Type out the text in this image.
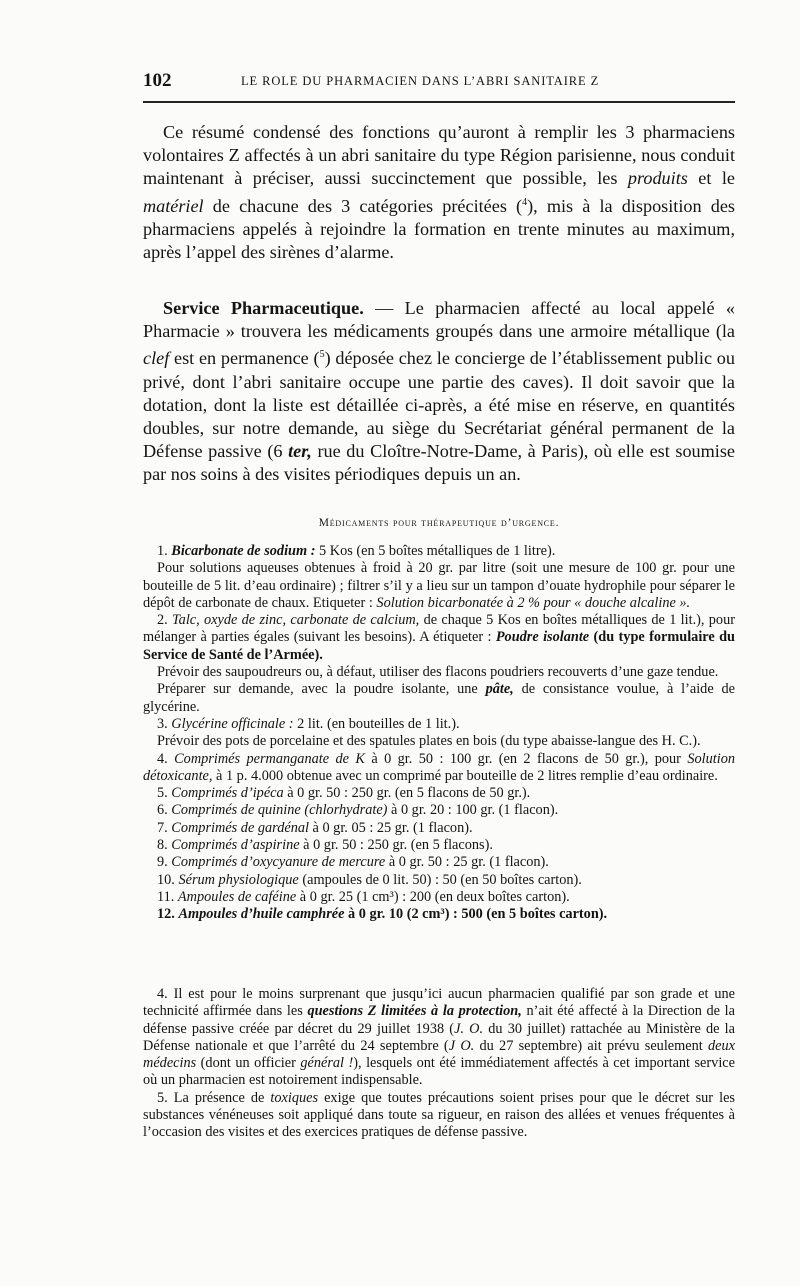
102	LE ROLE DU PHARMACIEN DANS L’ABRI SANITAIRE Z

Ce résumé condensé des fonctions qu’auront à remplir les 3 pharmaciens volontaires Z affectés à un abri sanitaire du type Région parisienne, nous conduit maintenant à préciser, aussi succinctement que possible, les produits et le matériel de chacune des 3 catégories précitées ($^4$), mis à la disposition des pharmaciens appelés à rejoindre la formation en trente minutes au maximum, après l’appel des sirènes d’alarme.

Service Pharmaceutique. — Le pharmacien affecté au local appelé « Pharmacie » trouvera les médicaments groupés dans une armoire métallique (la clef est en permanence ($^5$) déposée chez le concierge de l’établissement public ou privé, dont l’abri sanitaire occupe une partie des caves). Il doit savoir que la dotation, dont la liste est détaillée ci-après, a été mise en réserve, en quantités doubles, sur notre demande, au siège du Secrétariat général permanent de la Défense passive (6 ter, rue du Cloître-Notre-Dame, à Paris), où elle est soumise par nos soins à des visites périodiques depuis un an.

Médicaments pour thérapeutique d’urgence.

1. Bicarbonate de sodium : 5 Kos (en 5 boîtes métalliques de 1 litre).

Pour solutions aqueuses obtenues à froid à 20 gr. par litre (soit une mesure de 100 gr. pour une bouteille de 5 lit. d’eau ordinaire) ; filtrer s’il y a lieu sur un tampon d’ouate hydrophile pour séparer le dépôt de carbonate de chaux. Etiqueter : Solution bicarbonatée à 2 % pour « douche alcaline ».

2. Talc, oxyde de zinc, carbonate de calcium, de chaque 5 Kos en boîtes métalliques de 1 lit.), pour mélanger à parties égales (suivant les besoins). A étiqueter : Poudre isolante (du type formulaire du Service de Santé de l’Armée).

Prévoir des saupoudreurs ou, à défaut, utiliser des flacons poudriers recouverts d’une gaze tendue.

Préparer sur demande, avec la poudre isolante, une pâte, de consistance voulue, à l’aide de glycérine.

3. Glycérine officinale : 2 lit. (en bouteilles de 1 lit.).

Prévoir des pots de porcelaine et des spatules plates en bois (du type abaisse-langue des H. C.).

4. Comprimés permanganate de K à 0 gr. 50 : 100 gr. (en 2 flacons de 50 gr.), pour Solution détoxicante, à 1 p. 4.000 obtenue avec un comprimé par bouteille de 2 litres remplie d’eau ordinaire.

5. Comprimés d’ipéca à 0 gr. 50 : 250 gr. (en 5 flacons de 50 gr.).

6. Comprimés de quinine (chlorhydrate) à 0 gr. 20 : 100 gr. (1 flacon).

7. Comprimés de gardénal à 0 gr. 05 : 25 gr. (1 flacon).

8. Comprimés d’aspirine à 0 gr. 50 : 250 gr. (en 5 flacons).

9. Comprimés d’oxycyanure de mercure à 0 gr. 50 : 25 gr. (1 flacon).

10. Sérum physiologique (ampoules de 0 lit. 50) : 50 (en 50 boîtes carton).

11. Ampoules de caféine à 0 gr. 25 (1 cm³) : 200 (en deux boîtes carton).

12. Ampoules d’huile camphrée à 0 gr. 10 (2 cm³) : 500 (en 5 boîtes carton).

4. Il est pour le moins surprenant que jusqu’ici aucun pharmacien qualifié par son grade et une technicité affirmée dans les questions Z limitées à la protection, n’ait été affecté à la Direction de la défense passive créée par décret du 29 juillet 1938 (J. O. du 30 juillet) rattachée au Ministère de la Défense nationale et que l’arrêté du 24 septembre (J O. du 27 septembre) ait prévu seulement deux médecins (dont un officier général !), lesquels ont été immédiatement affectés à cet important service où un pharmacien est notoirement indispensable.

5. La présence de toxiques exige que toutes précautions soient prises pour que le décret sur les substances vénéneuses soit appliqué dans toute sa rigueur, en raison des allées et venues fréquentes à l’occasion des visites et des exercices pratiques de défense passive.
